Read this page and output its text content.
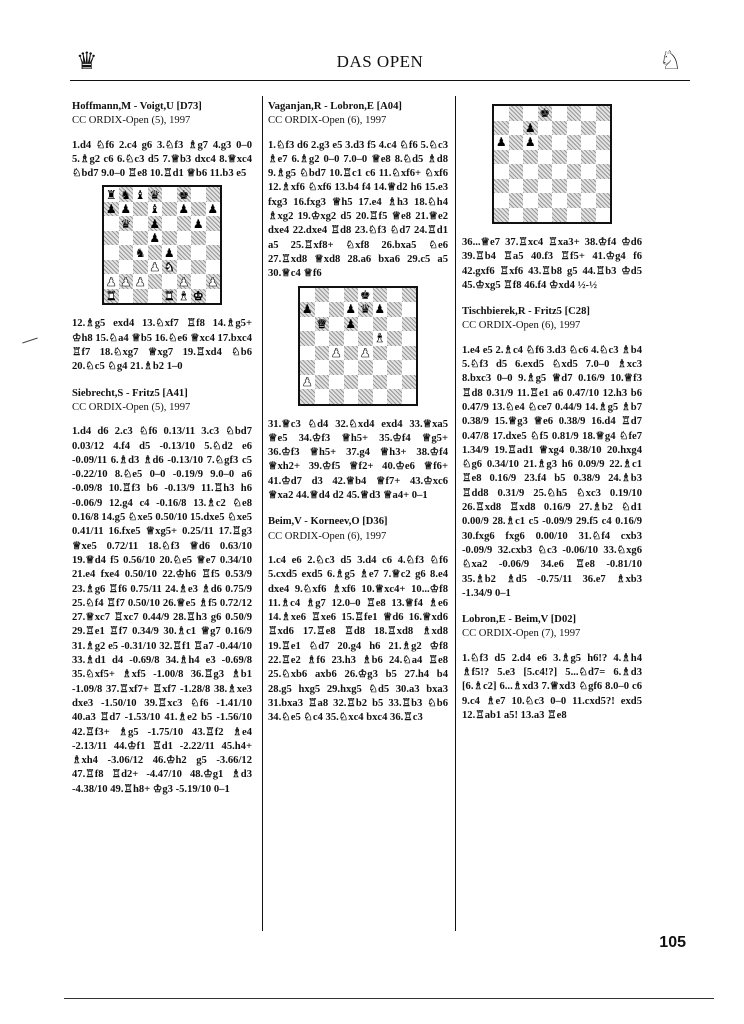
♛	DAS OPEN	♘
Hoffmann,M - Voigt,U [D73]
CC ORDIX-Open (5), 1997
1.d4 ♘f6 2.c4 g6 3.♘f3 ♗g7 4.g3 0–0 5.♗g2 c6 6.♘c3 d5 7.♕b3 dxc4 8.♕xc4 ♘bd7 9.0–0 ♖e8 10.♖d1 ♕b6 11.b3 e5
♜ ♞ ♝ ♛ ♚
♟ ♟ ♝ ♟ ♟
♛ ♟	♟
♟
♞ ♟
♟ ♞
♟ ♟ ♟	♟ ♟
♜	♜ ♝ ♚
12.♗g5 exd4 13.♘xf7 ♖f8 14.♗g5+ ♔h8 15.♘a4 ♕b5 16.♘e6 ♕xc4 17.bxc4 ♖f7 18.♘xg7 ♕xg7 19.♖xd4 ♘b6 20.♘c5 ♘g4 21.♗b2 1–0
Siebrecht,S - Fritz5 [A41]
CC ORDIX-Open (5), 1997
1.d4 d6 2.c3 ♘f6 0.13/11 3.c3 ♘bd7 0.03/12 4.f4 d5 -0.13/10 5.♘d2 e6 -0.09/11 6.♗d3 ♗d6 -0.13/10 7.♘gf3 c5 -0.22/10 8.♘e5 0–0 -0.19/9 9.0–0 a6 -0.09/8 10.♖f3 b6 -0.13/9 11.♖h3 h6 -0.06/9 12.g4 c4 -0.16/8 13.♗c2 ♘e8 0.16/8 14.g5 ♘xe5 0.50/10 15.dxe5 ♘xe5 0.41/11 16.fxe5 ♕xg5+ 0.25/11 17.♖g3 ♕xe5 0.72/11 18.♘f3 ♕d6 0.63/10 19.♕d4 f5 0.56/10 20.♘e5 ♕e7 0.34/10 21.e4 fxe4 0.50/10 22.♔h6 ♖f5 0.53/9 23.♗g6 ♖f6 0.75/11 24.♗e3 ♗d6 0.75/9 25.♘f4 ♖f7 0.50/10 26.♕e5 ♗f5 0.72/12 27.♕xc7 ♖xc7 0.44/9 28.♖h3 g6 0.50/9 29.♖e1 ♖f7 0.34/9 30.♗c1 ♕g7 0.16/9 31.♗g2 e5 -0.31/10 32.♖f1 ♖a7 -0.44/10 33.♗d1 d4 -0.69/8 34.♗h4 e3 -0.69/8 35.♘xf5+ ♗xf5 -1.00/8 36.♖g3 ♗b1 -1.09/8 37.♖xf7+ ♖xf7 -1.28/8 38.♗xe3 dxe3 -1.50/10 39.♖xc3 ♘f6 -1.41/10 40.a3 ♖d7 -1.53/10 41.♗e2 b5 -1.56/10 42.♖f3+ ♗g5 -1.75/10 43.♖f2 ♗e4 -2.13/11 44.♔f1 ♖d1 -2.22/11 45.h4+ ♗xh4 -3.06/12 46.♔h2 g5 -3.66/12 47.♖f8 ♖d2+ -4.47/10 48.♔g1 ♗d3 -4.38/10 49.♖h8+ ♔g3 -5.19/10 0–1
Vaganjan,R - Lobron,E [A04]
CC ORDIX-Open (6), 1997
1.♘f3 d6 2.g3 e5 3.d3 f5 4.c4 ♘f6 5.♘c3 ♗e7 6.♗g2 0–0 7.0–0 ♕e8 8.♘d5 ♗d8 9.♗g5 ♘bd7 10.♖c1 c6 11.♘xf6+ ♘xf6 12.♗xf6 ♘xf6 13.b4 f4 14.♕d2 h6 15.e3 fxg3 16.fxg3 ♕h5 17.e4 ♗h3 18.♘h4 ♗xg2 19.♔xg2 d5 20.♖f5 ♕e8 21.♕e2 dxe4 22.dxe4 ♖d8 23.♘f3 ♘d7 24.♖d1 a5 25.♖xf8+ ♘xf8 26.bxa5 ♘e6 27.♖xd8 ♕xd8 28.a6 bxa6 29.c5 a5 30.♕c4 ♕f6
♚
♟	♟ ♛ ♟
♛ ♟
♝
♟ ♟
♟
31.♕c3 ♘d4 32.♘xd4 exd4 33.♕xa5 ♕e5 34.♔f3 ♕h5+ 35.♔f4 ♕g5+ 36.♔f3 ♕h5+ 37.g4 ♕h3+ 38.♔f4 ♕xh2+ 39.♔f5 ♕f2+ 40.♔e6 ♕f6+ 41.♔d7 d3 42.♕b4 ♕f7+ 43.♔xc6 ♕xa2 44.♕d4 d2 45.♕d3 ♕a4+ 0–1
Beim,V - Korneev,O [D36]
CC ORDIX-Open (6), 1997
1.c4 e6 2.♘c3 d5 3.d4 c6 4.♘f3 ♘f6 5.cxd5 exd5 6.♗g5 ♗e7 7.♕c2 g6 8.e4 dxe4 9.♘xf6 ♗xf6 10.♕xc4+ 10...♔f8 11.♗c4 ♗g7 12.0–0 ♖e8 13.♕f4 ♗e6 14.♗xe6 ♖xe6 15.♖fe1 ♕d6 16.♕xd6 ♖xd6 17.♖e8 ♖d8 18.♖xd8 ♗xd8 19.♖e1 ♘d7 20.g4 h6 21.♗g2 ♔f8 22.♖e2 ♗f6 23.h3 ♗b6 24.♘a4 ♖e8 25.♘xb6 axb6 26.♔g3 b5 27.h4 b4 28.g5 hxg5 29.hxg5 ♘d5 30.a3 bxa3 31.bxa3 ♖a8 32.♖b2 b5 33.♖b3 ♘b6 34.♘e5 ♘c4 35.♘xc4 bxc4 36.♖c3
♚
♟
♟ ♟
36...♕e7 37.♖xc4 ♖xa3+ 38.♔f4 ♔d6 39.♖b4 ♖a5 40.f3 ♖f5+ 41.♔g4 f6 42.gxf6 ♖xf6 43.♖b8 g5 44.♖b3 ♔d5 45.♔xg5 ♖f8 46.f4 ♔xd4 ½-½
Tischbierek,R - Fritz5 [C28]
CC ORDIX-Open (6), 1997
1.e4 e5 2.♗c4 ♘f6 3.d3 ♘c6 4.♘c3 ♗b4 5.♘f3 d5 6.exd5 ♘xd5 7.0–0 ♗xc3 8.bxc3 0–0 9.♗g5 ♕d7 0.16/9 10.♕f3 ♖d8 0.31/9 11.♖e1 a6 0.47/10 12.h3 b6 0.47/9 13.♘e4 ♘ce7 0.44/9 14.♗g5 ♗b7 0.38/9 15.♕g3 ♕e6 0.38/9 16.d4 ♖d7 0.47/8 17.dxe5 ♘f5 0.81/9 18.♕g4 ♘fe7 1.34/9 19.♖ad1 ♕xg4 0.38/10 20.hxg4 ♘g6 0.34/10 21.♗g3 h6 0.09/9 22.♗c1 ♖e8 0.16/9 23.f4 b5 0.38/9 24.♗b3 ♖dd8 0.31/9 25.♘h5 ♘xc3 0.19/10 26.♖xd8 ♖xd8 0.16/9 27.♗b2 ♘d1 0.00/9 28.♗c1 c5 -0.09/9 29.f5 c4 0.16/9 30.fxg6 fxg6 0.00/10 31.♘f4 cxb3 -0.09/9 32.cxb3 ♘c3 -0.06/10 33.♘xg6 ♘xa2 -0.06/9 34.e6 ♖e8 -0.81/10 35.♗b2 ♗d5 -0.75/11 36.e7 ♗xb3 -1.34/9 0–1
Lobron,E - Beim,V [D02]
CC ORDIX-Open (7), 1997
1.♘f3 d5 2.d4 e6 3.♗g5 h6!? 4.♗h4 ♗f5!? 5.e3 [5.c4!?] 5...♘d7= 6.♗d3 [6.♗c2] 6...♗xd3 7.♕xd3 ♘gf6 8.0–0 c6 9.c4 ♗e7 10.♘c3 0–0 11.cxd5?! exd5 12.♖ab1 a5! 13.a3 ♖e8
105
